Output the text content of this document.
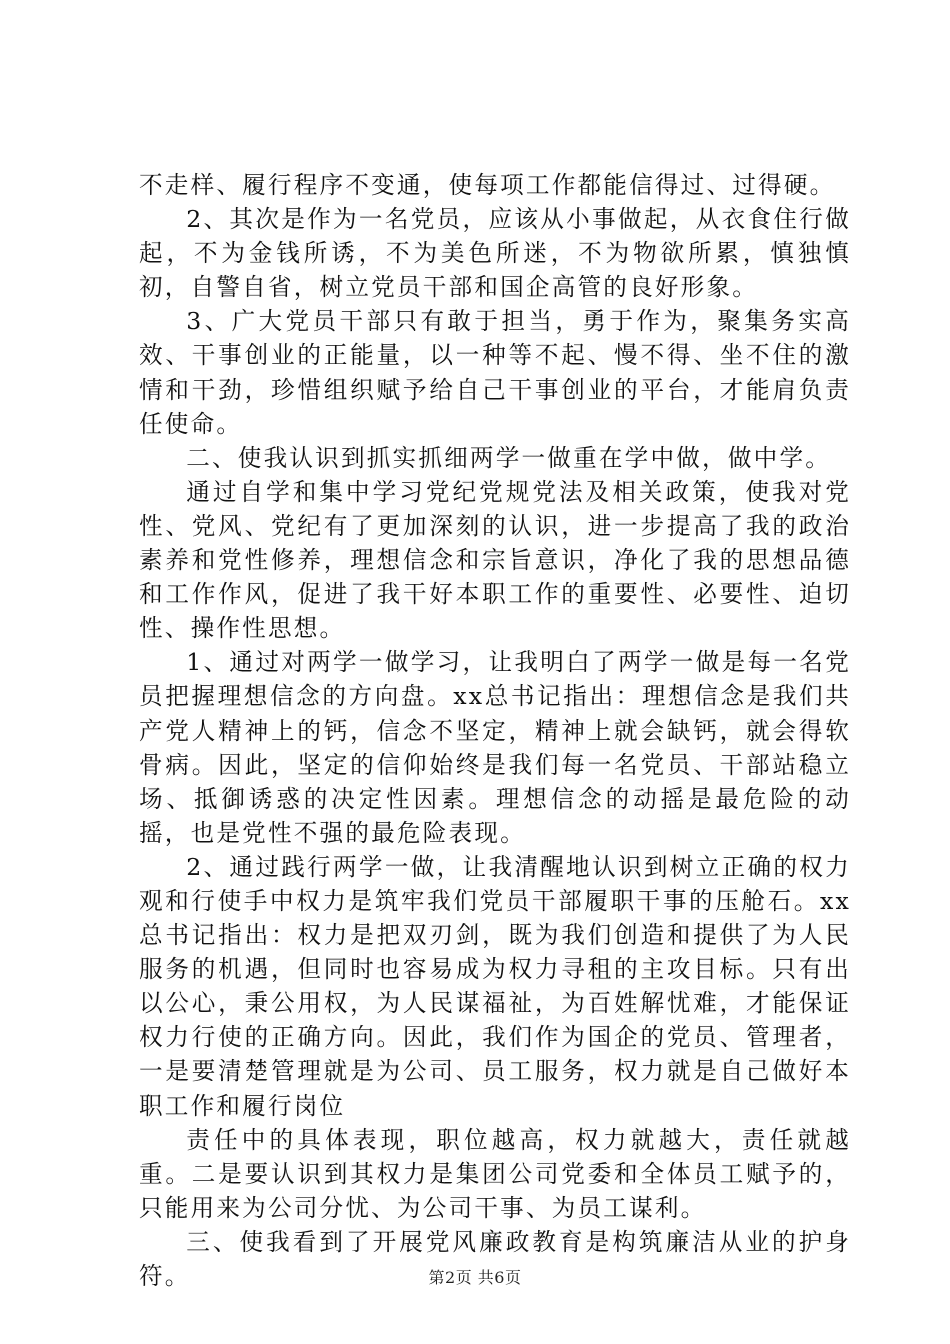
不走样、履行程序不变通，使每项工作都能信得过、过得硬。

2、其次是作为一名党员，应该从小事做起，从衣食住行做起，不为金钱所诱，不为美色所迷，不为物欲所累，慎独慎初，自警自省，树立党员干部和国企高管的良好形象。

3、广大党员干部只有敢于担当，勇于作为，聚集务实高效、干事创业的正能量，以一种等不起、慢不得、坐不住的激情和干劲，珍惜组织赋予给自己干事创业的平台，才能肩负责任使命。

二、使我认识到抓实抓细两学一做重在学中做，做中学。

通过自学和集中学习党纪党规党法及相关政策，使我对党性、党风、党纪有了更加深刻的认识，进一步提高了我的政治素养和党性修养，理想信念和宗旨意识，净化了我的思想品德和工作作风，促进了我干好本职工作的重要性、必要性、迫切性、操作性思想。

1、通过对两学一做学习，让我明白了两学一做是每一名党员把握理想信念的方向盘。xx总书记指出：理想信念是我们共产党人精神上的钙，信念不坚定，精神上就会缺钙，就会得软骨病。因此，坚定的信仰始终是我们每一名党员、干部站稳立场、抵御诱惑的决定性因素。理想信念的动摇是最危险的动摇，也是党性不强的最危险表现。

2、通过践行两学一做，让我清醒地认识到树立正确的权力观和行使手中权力是筑牢我们党员干部履职干事的压舱石。xx总书记指出：权力是把双刃剑，既为我们创造和提供了为人民服务的机遇，但同时也容易成为权力寻租的主攻目标。只有出以公心，秉公用权，为人民谋福祉，为百姓解忧难，才能保证权力行使的正确方向。因此，我们作为国企的党员、管理者，一是要清楚管理就是为公司、员工服务，权力就是自己做好本职工作和履行岗位

责任中的具体表现，职位越高，权力就越大，责任就越重。二是要认识到其权力是集团公司党委和全体员工赋予的，只能用来为公司分忧、为公司干事、为员工谋利。

三、使我看到了开展党风廉政教育是构筑廉洁从业的护身符。	第2页 共6页
